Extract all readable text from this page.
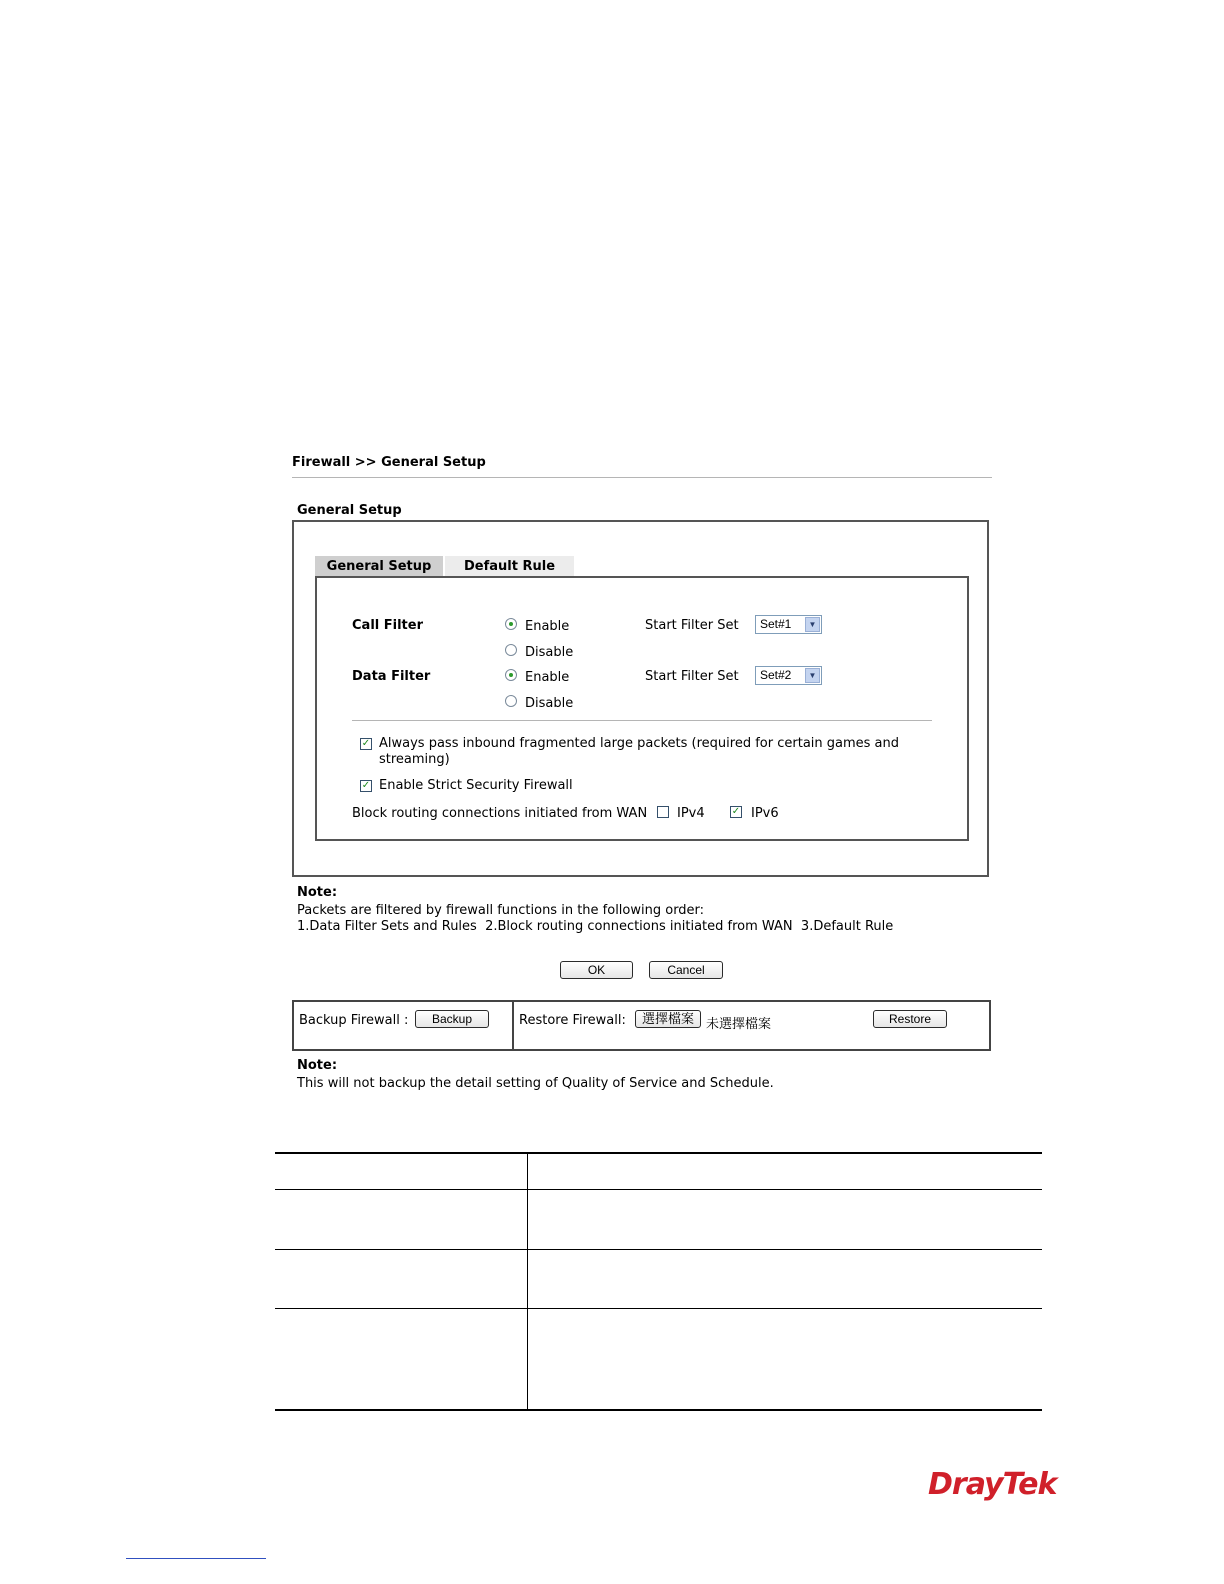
Firewall >> General Setup
General Setup
General Setup	Default Rule
Call Filter	Enable
Disable
Start Filter Set	Set#1	▼
Data Filter	Enable
Disable
Start Filter Set	Set#2	▼
✓ Always pass inbound fragmented large packets (required for certain games and
streaming)
✓ Enable Strict Security Firewall
Block routing connections initiated from WAN IPv4	✓ IPv6
Note:
Packets are filtered by firewall functions in the following order:
1.Data Filter Sets and Rules  2.Block routing connections initiated from WAN  3.Default Rule
OK	Cancel
Backup Firewall :	Backup	Restore Firewall:	選擇檔案 未選擇檔案	Restore
Note:
This will not backup the detail setting of Quality of Service and Schedule.
DrayTek
